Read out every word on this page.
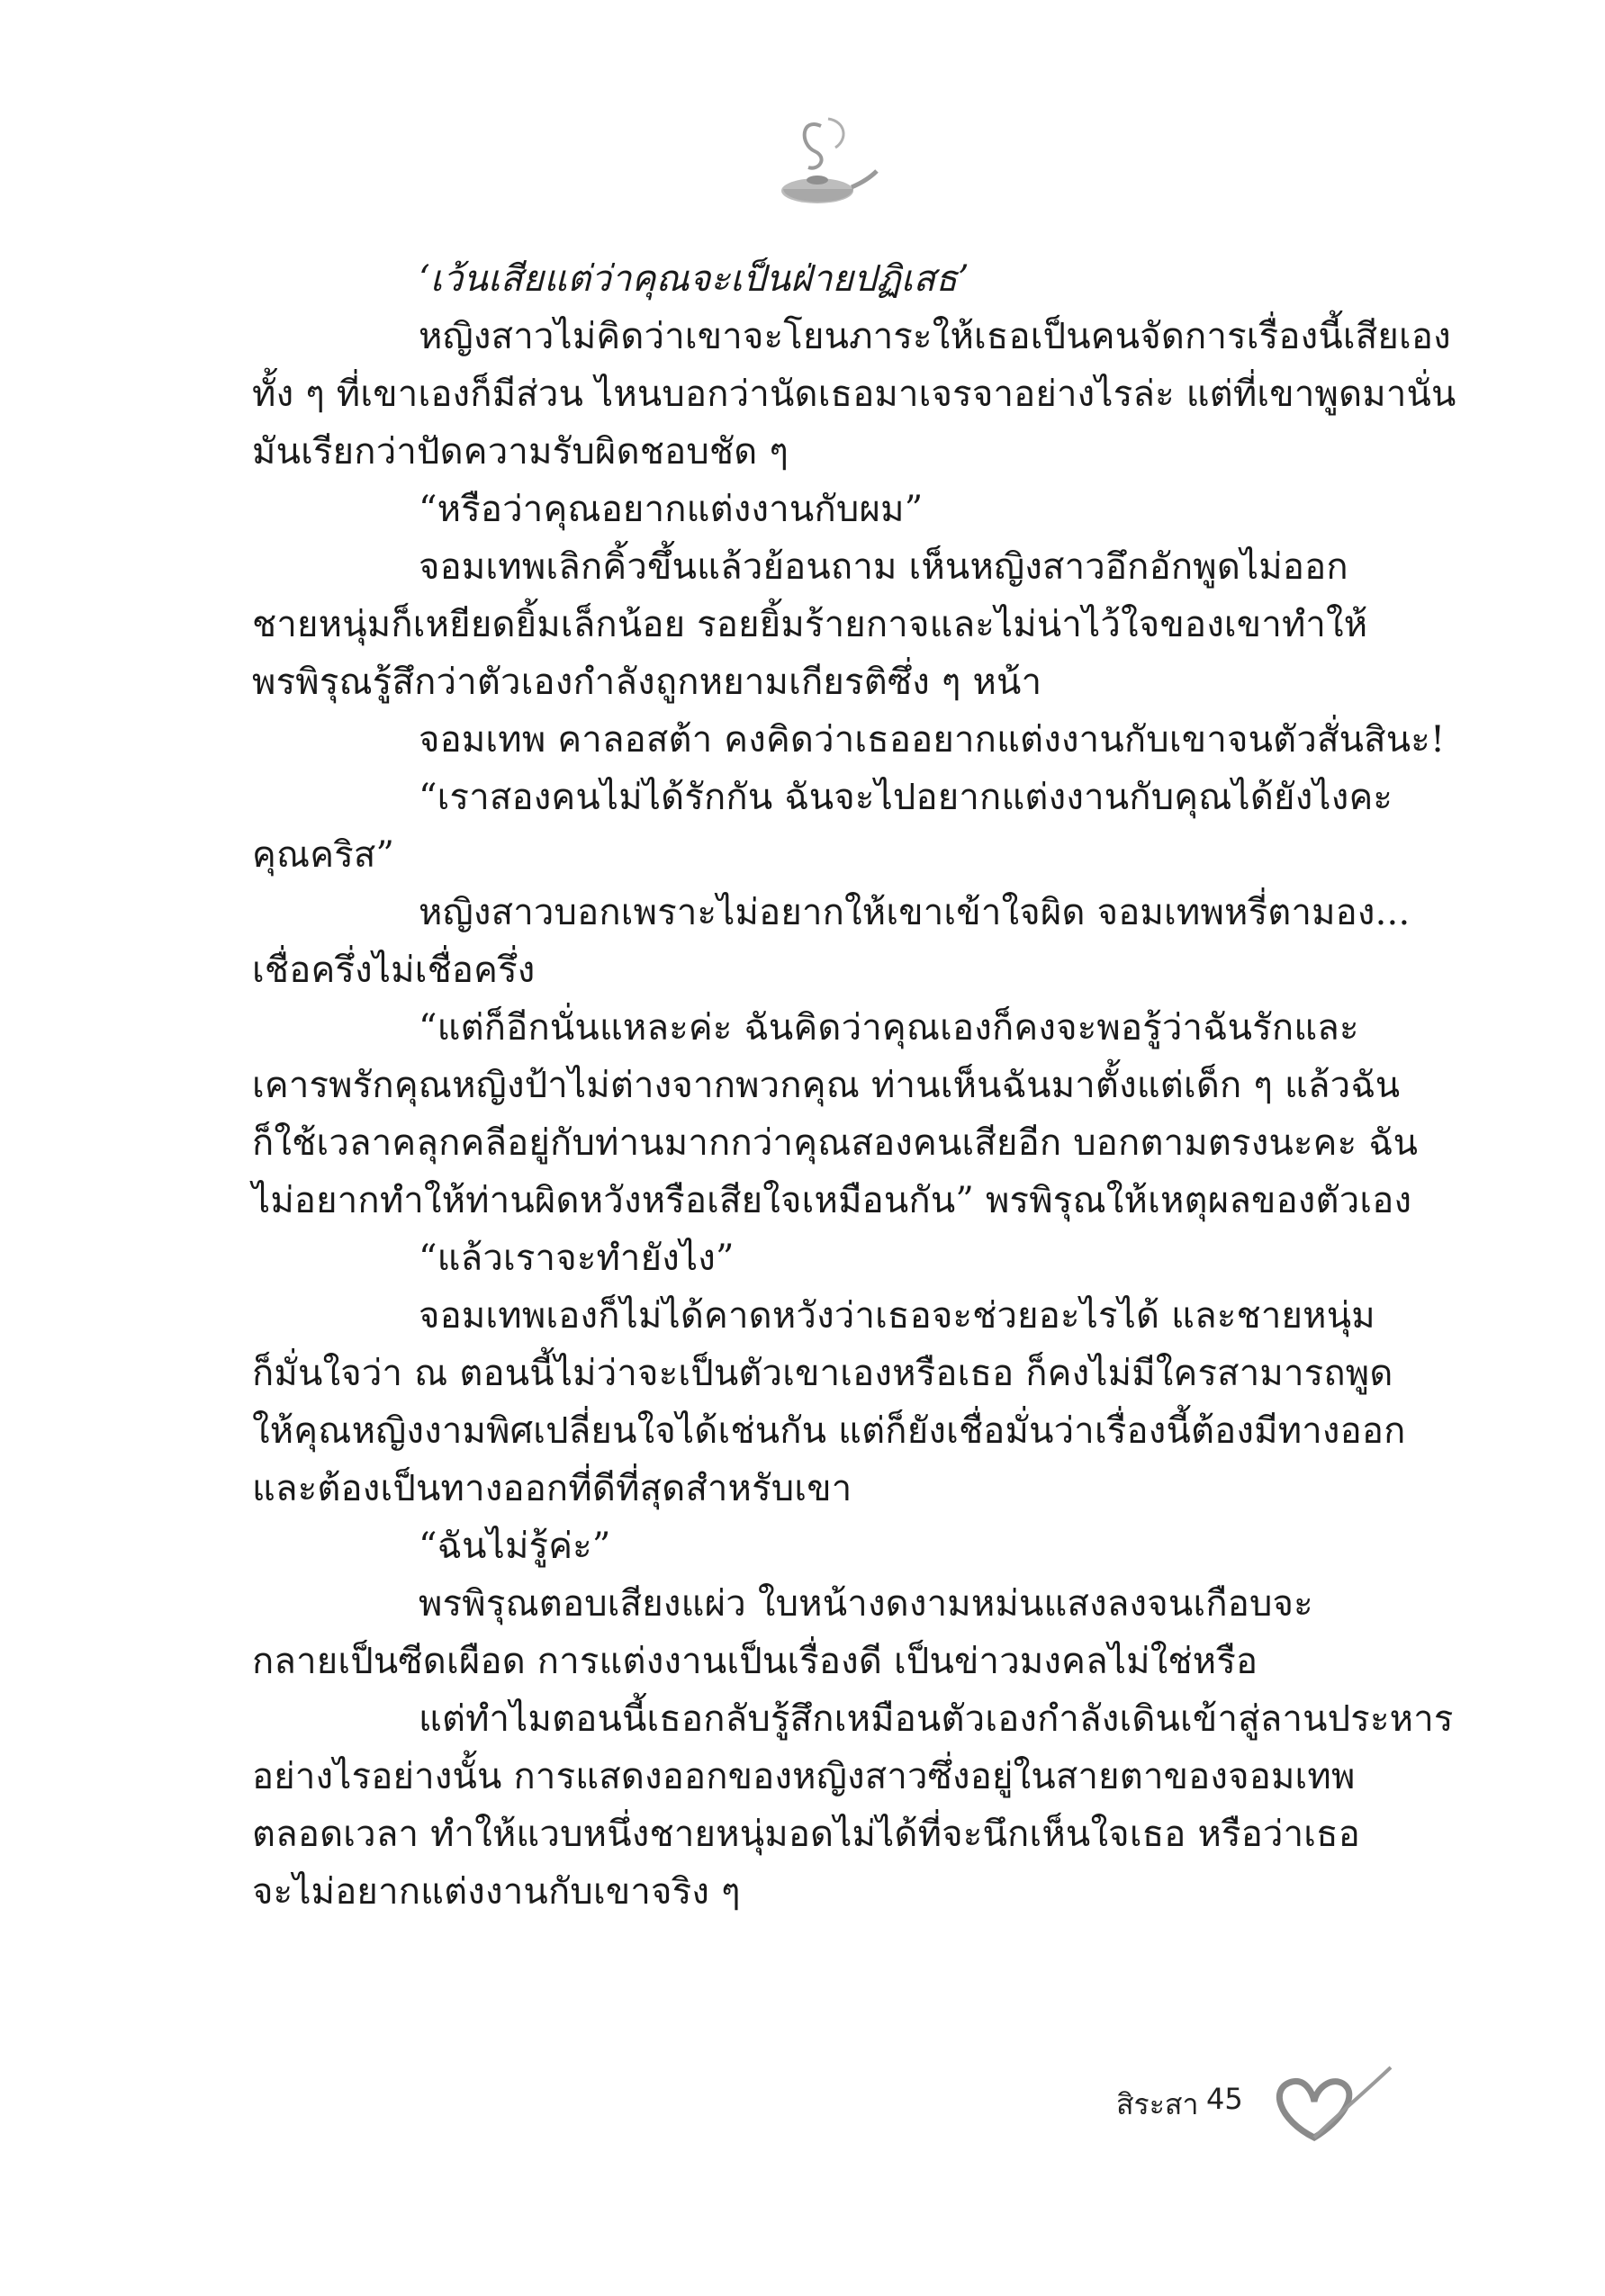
‘เว้นเสียแต่ว่าคุณจะเป็นฝ่ายปฏิเสธ’
หญิงสาวไม่คิดว่าเขาจะโยนภาระให้เธอเป็นคนจัดการเรื่องนี้เสียเอง
ทั้ง ๆ ที่เขาเองก็มีส่วน ไหนบอกว่านัดเธอมาเจรจาอย่างไรล่ะ แต่ที่เขาพูดมานั่น
มันเรียกว่าปัดความรับผิดชอบชัด ๆ
“หรือว่าคุณอยากแต่งงานกับผม”
จอมเทพเลิกคิ้วขึ้นแล้วย้อนถาม เห็นหญิงสาวอึกอักพูดไม่ออก
ชายหนุ่มก็เหยียดยิ้มเล็กน้อย รอยยิ้มร้ายกาจและไม่น่าไว้ใจของเขาทำให้
พรพิรุณรู้สึกว่าตัวเองกำลังถูกหยามเกียรติซึ่ง ๆ หน้า
จอมเทพ คาลอสต้า คงคิดว่าเธออยากแต่งงานกับเขาจนตัวสั่นสินะ!
“เราสองคนไม่ได้รักกัน ฉันจะไปอยากแต่งงานกับคุณได้ยังไงคะ
คุณคริส”
หญิงสาวบอกเพราะไม่อยากให้เขาเข้าใจผิด จอมเทพหรี่ตามอง...
เชื่อครึ่งไม่เชื่อครึ่ง
“แต่ก็อีกนั่นแหละค่ะ ฉันคิดว่าคุณเองก็คงจะพอรู้ว่าฉันรักและ
เคารพรักคุณหญิงป้าไม่ต่างจากพวกคุณ ท่านเห็นฉันมาตั้งแต่เด็ก ๆ แล้วฉัน
ก็ใช้เวลาคลุกคลีอยู่กับท่านมากกว่าคุณสองคนเสียอีก บอกตามตรงนะคะ ฉัน
ไม่อยากทำให้ท่านผิดหวังหรือเสียใจเหมือนกัน” พรพิรุณให้เหตุผลของตัวเอง
“แล้วเราจะทำยังไง”
จอมเทพเองก็ไม่ได้คาดหวังว่าเธอจะช่วยอะไรได้ และชายหนุ่ม
ก็มั่นใจว่า ณ ตอนนี้ไม่ว่าจะเป็นตัวเขาเองหรือเธอ ก็คงไม่มีใครสามารถพูด
ให้คุณหญิงงามพิศเปลี่ยนใจได้เช่นกัน แต่ก็ยังเชื่อมั่นว่าเรื่องนี้ต้องมีทางออก
และต้องเป็นทางออกที่ดีที่สุดสำหรับเขา
“ฉันไม่รู้ค่ะ”
พรพิรุณตอบเสียงแผ่ว ใบหน้างดงามหม่นแสงลงจนเกือบจะ
กลายเป็นซีดเผือด การแต่งงานเป็นเรื่องดี เป็นข่าวมงคลไม่ใช่หรือ
แต่ทำไมตอนนี้เธอกลับรู้สึกเหมือนตัวเองกำลังเดินเข้าสู่ลานประหาร
อย่างไรอย่างนั้น การแสดงออกของหญิงสาวซึ่งอยู่ในสายตาของจอมเทพ
ตลอดเวลา ทำให้แวบหนึ่งชายหนุ่มอดไม่ได้ที่จะนึกเห็นใจเธอ หรือว่าเธอ
จะไม่อยากแต่งงานกับเขาจริง ๆ
สิระสา 45
